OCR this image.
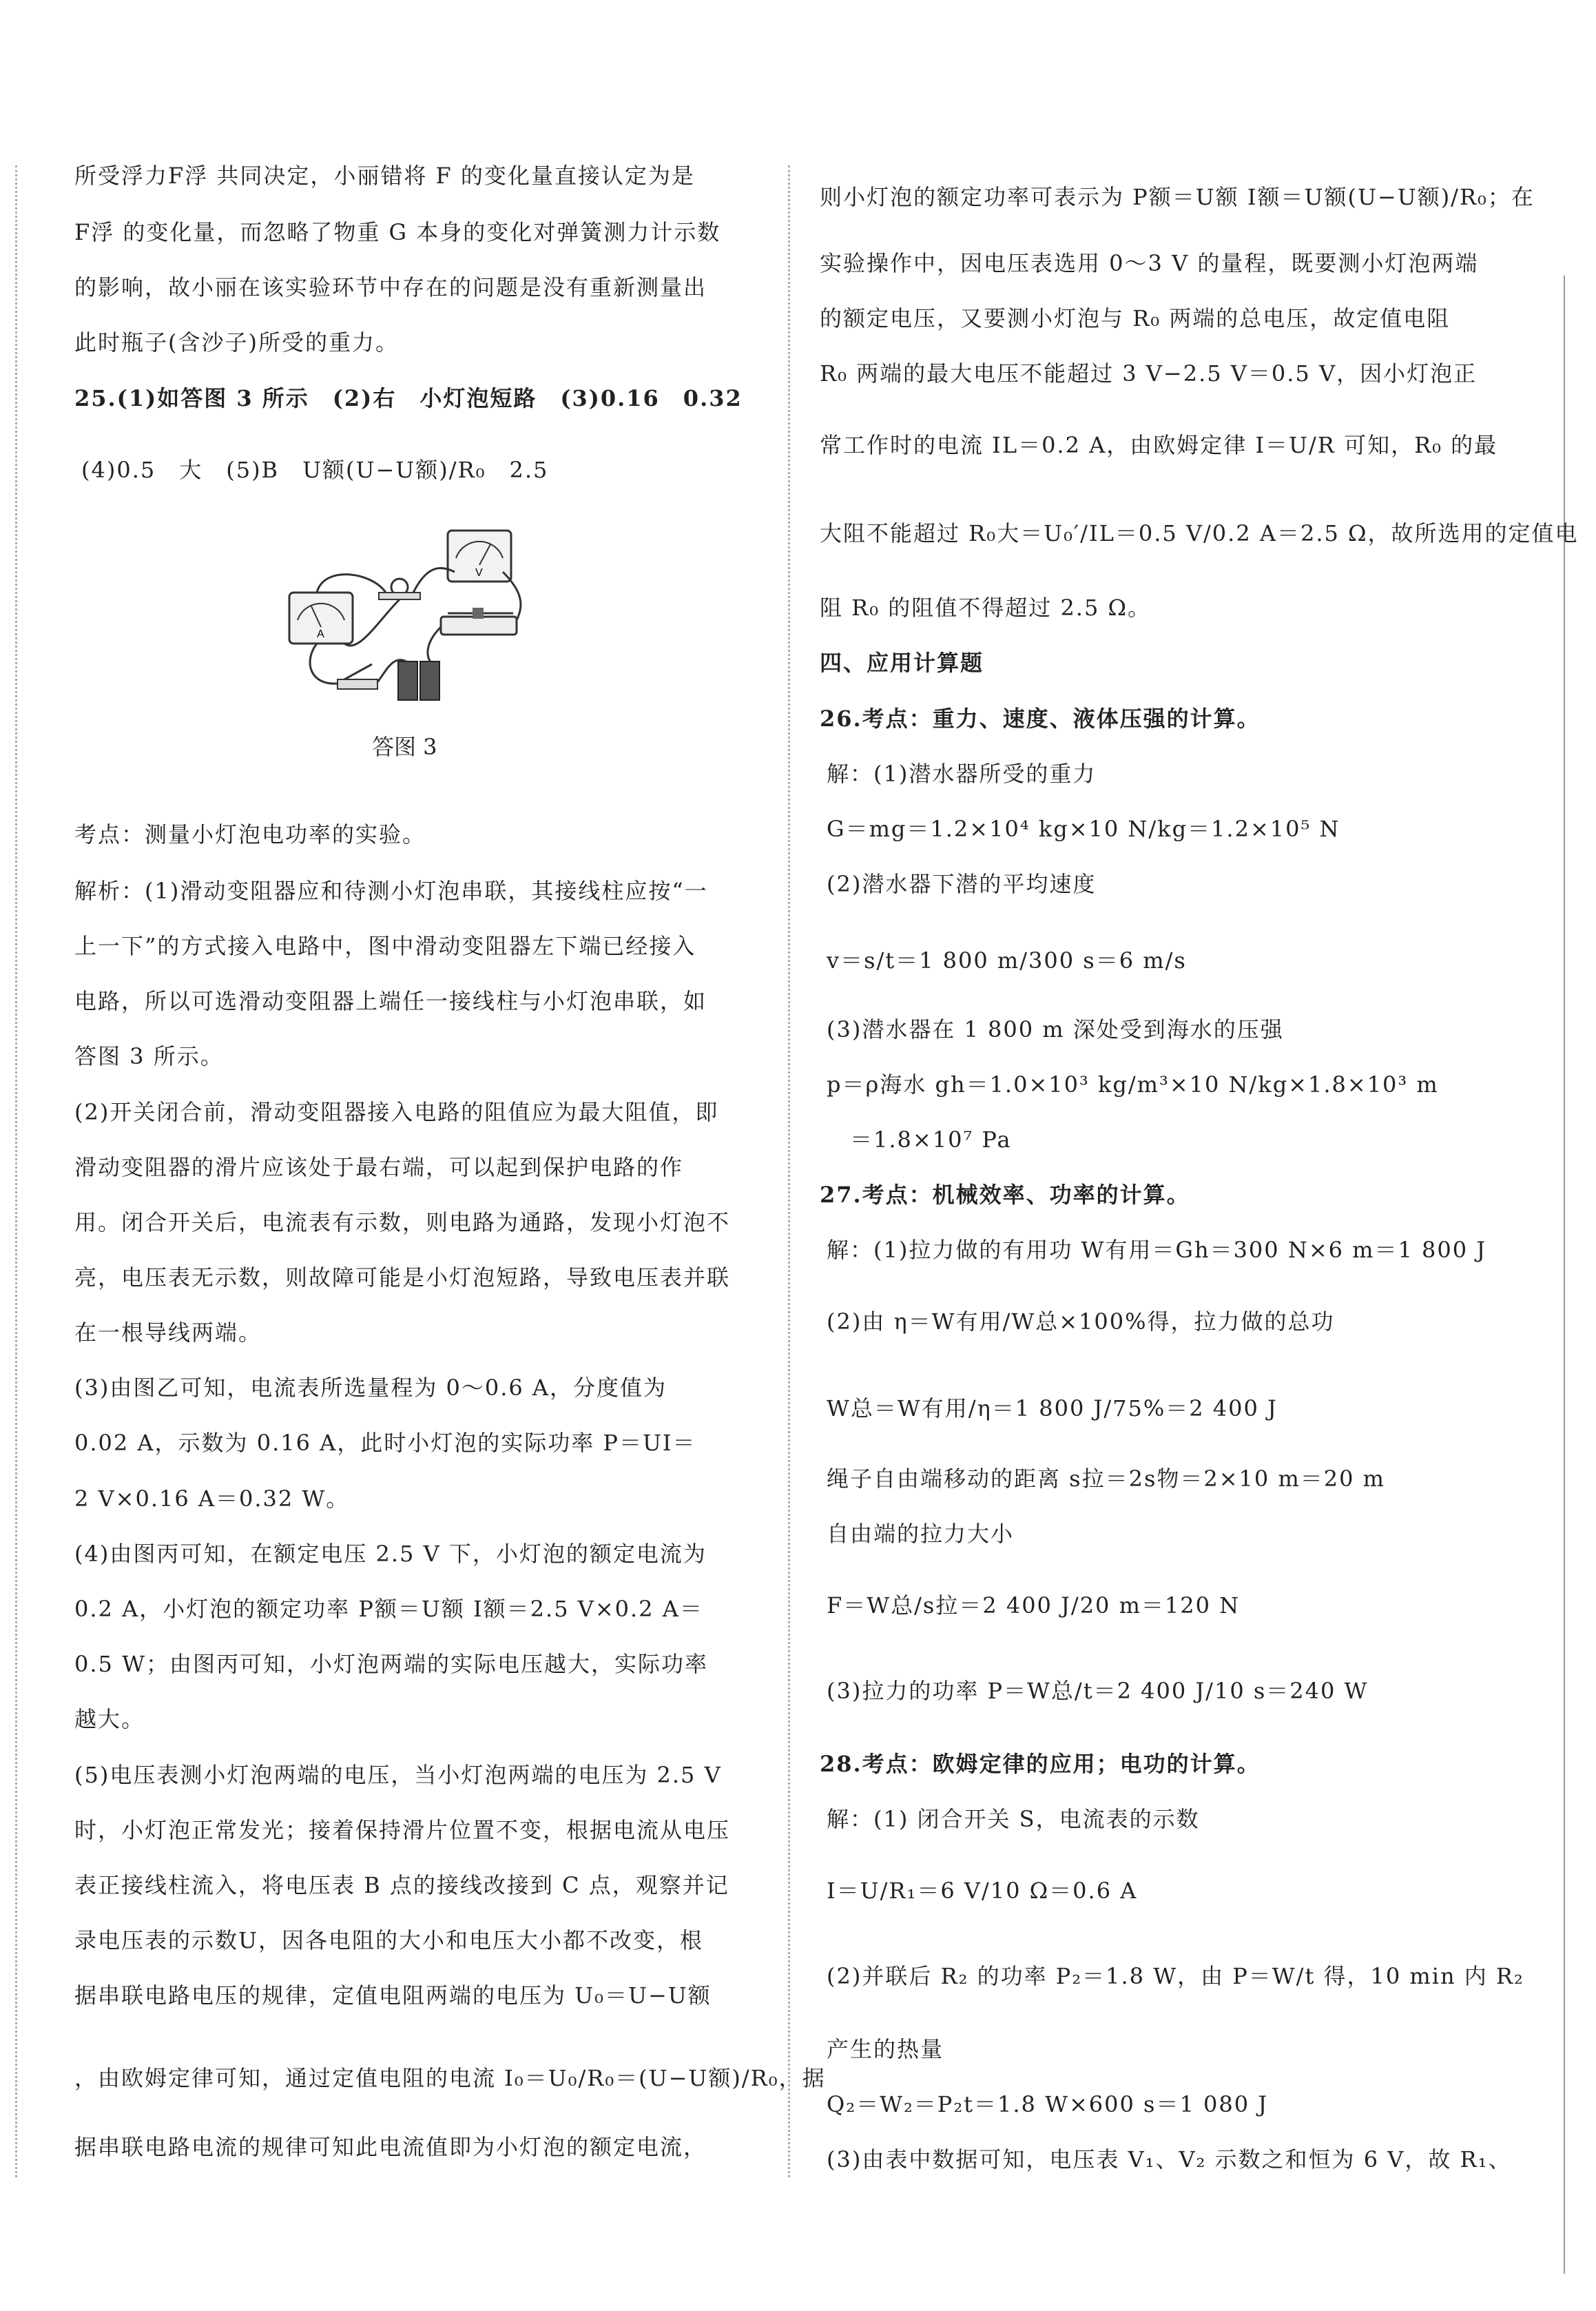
所受浮力F浮 共同决定，小丽错将 F 的变化量直接认定为是
F浮 的变化量，而忽略了物重 G 本身的变化对弹簧测力计示数
的影响，故小丽在该实验环节中存在的问题是没有重新测量出
此时瓶子(含沙子)所受的重力。
25.(1)如答图 3 所示　(2)右　小灯泡短路　(3)0.16　0.32
(4)0.5　大　(5)B　U额(U−U额)/R₀　2.5
考点：测量小灯泡电功率的实验。
解析：(1)滑动变阻器应和待测小灯泡串联，其接线柱应按“一
上一下”的方式接入电路中，图中滑动变阻器左下端已经接入
电路，所以可选滑动变阻器上端任一接线柱与小灯泡串联，如
答图 3 所示。
(2)开关闭合前，滑动变阻器接入电路的阻值应为最大阻值，即
滑动变阻器的滑片应该处于最右端，可以起到保护电路的作
用。闭合开关后，电流表有示数，则电路为通路，发现小灯泡不
亮，电压表无示数，则故障可能是小灯泡短路，导致电压表并联
在一根导线两端。
(3)由图乙可知，电流表所选量程为 0～0.6 A，分度值为
0.02 A，示数为 0.16 A，此时小灯泡的实际功率 P＝UI＝
2 V×0.16 A＝0.32 W。
(4)由图丙可知，在额定电压 2.5 V 下，小灯泡的额定电流为
0.2 A，小灯泡的额定功率 P额＝U额 I额＝2.5 V×0.2 A＝
0.5 W；由图丙可知，小灯泡两端的实际电压越大，实际功率
越大。
(5)电压表测小灯泡两端的电压，当小灯泡两端的电压为 2.5 V
时，小灯泡正常发光；接着保持滑片位置不变，根据电流从电压
表正接线柱流入，将电压表 B 点的接线改接到 C 点，观察并记
录电压表的示数U，因各电阻的大小和电压大小都不改变，根
据串联电路电压的规律，定值电阻两端的电压为 U₀＝U−U额
，由欧姆定律可知，通过定值电阻的电流 I₀＝U₀/R₀＝(U−U额)/R₀，据
据串联电路电流的规律可知此电流值即为小灯泡的额定电流，
则小灯泡的额定功率可表示为 P额＝U额 I额＝U额(U−U额)/R₀；在
实验操作中，因电压表选用 0～3 V 的量程，既要测小灯泡两端
的额定电压，又要测小灯泡与 R₀ 两端的总电压，故定值电阻
R₀ 两端的最大电压不能超过 3 V−2.5 V＝0.5 V，因小灯泡正
常工作时的电流 IL＝0.2 A，由欧姆定律 I＝U/R 可知，R₀ 的最
大阻不能超过 R₀大＝U₀′/IL＝0.5 V/0.2 A＝2.5 Ω，故所选用的定值电
阻 R₀ 的阻值不得超过 2.5 Ω。
四、应用计算题
26.考点：重力、速度、液体压强的计算。
解：(1)潜水器所受的重力
G＝mg＝1.2×10⁴ kg×10 N/kg＝1.2×10⁵ N
(2)潜水器下潜的平均速度
v＝s/t＝1 800 m/300 s＝6 m/s
(3)潜水器在 1 800 m 深处受到海水的压强
p＝ρ海水 gh＝1.0×10³ kg/m³×10 N/kg×1.8×10³ m
　＝1.8×10⁷ Pa
27.考点：机械效率、功率的计算。
解：(1)拉力做的有用功 W有用＝Gh＝300 N×6 m＝1 800 J
(2)由 η＝W有用/W总×100%得，拉力做的总功
W总＝W有用/η＝1 800 J/75%＝2 400 J
绳子自由端移动的距离 s拉＝2s物＝2×10 m＝20 m
自由端的拉力大小
F＝W总/s拉＝2 400 J/20 m＝120 N
(3)拉力的功率 P＝W总/t＝2 400 J/10 s＝240 W
28.考点：欧姆定律的应用；电功的计算。
解：(1) 闭合开关 S，电流表的示数
I＝U/R₁＝6 V/10 Ω＝0.6 A
(2)并联后 R₂ 的功率 P₂＝1.8 W，由 P＝W/t 得，10 min 内 R₂
产生的热量
Q₂＝W₂＝P₂t＝1.8 W×600 s＝1 080 J
(3)由表中数据可知，电压表 V₁、V₂ 示数之和恒为 6 V，故 R₁、
A
V
答图 3
